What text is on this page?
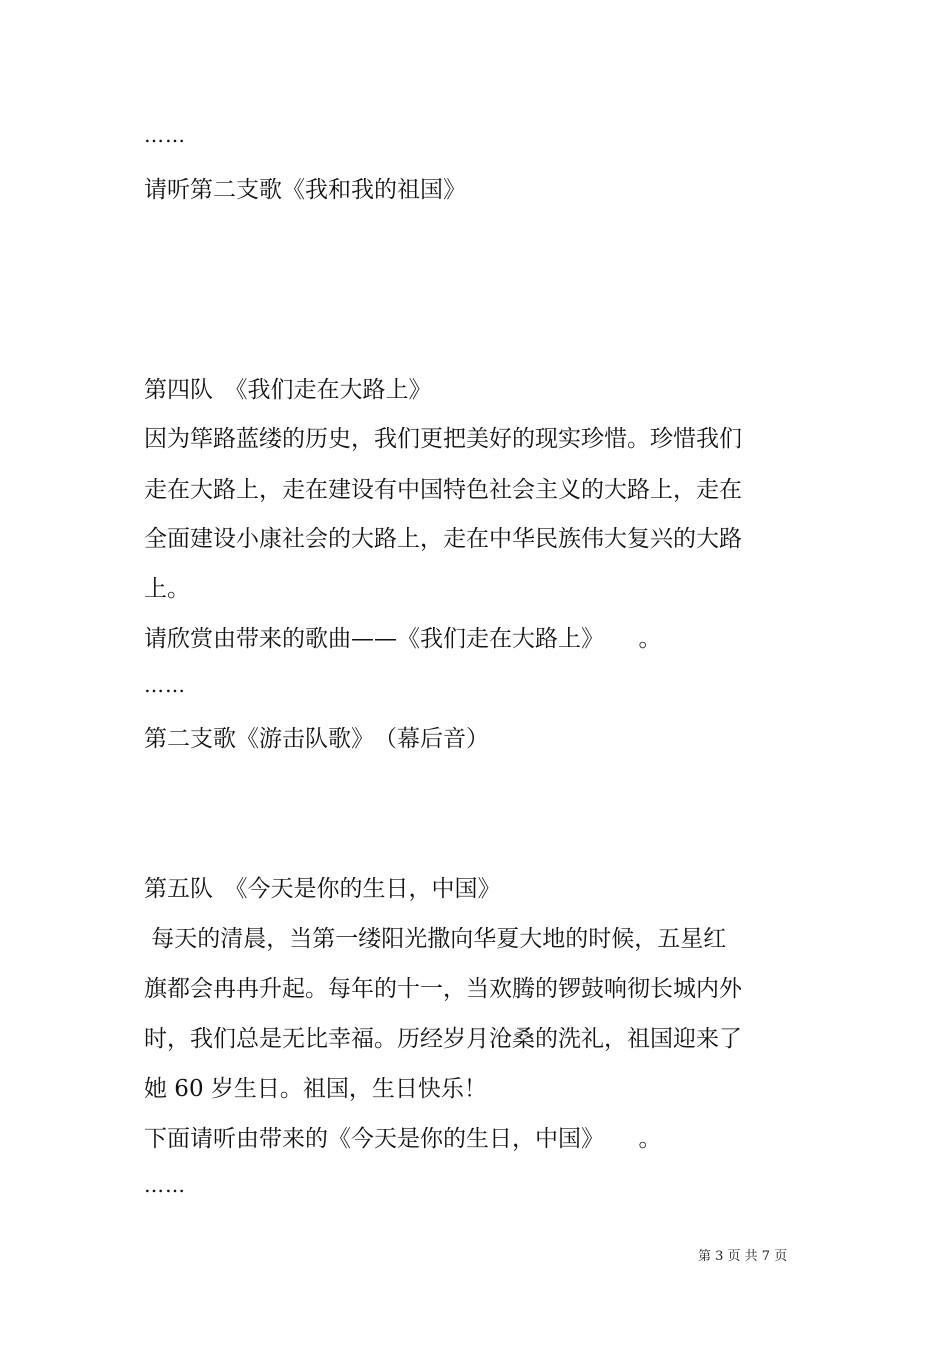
……

请听第二支歌《我和我的祖国》

第四队　《我们走在大路上》

因为筚路蓝缕的历史，我们更把美好的现实珍惜。珍惜我们

走在大路上，走在建设有中国特色社会主义的大路上，走在

全面建设小康社会的大路上，走在中华民族伟大复兴的大路

上。

请欣赏由带来的歌曲——《我们走在大路上》　　。

……

第二支歌《游击队歌》　（幕后音）

第五队　《今天是你的生日，中国》

每天的清晨，当第一缕阳光撒向华夏大地的时候，五星红

旗都会冉冉升起。每年的十一，当欢腾的锣鼓响彻长城内外

时，我们总是无比幸福。历经岁月沧桑的洗礼，祖国迎来了

她 60 岁生日。祖国，生日快乐！

下面请听由带来的《今天是你的生日，中国》　　。

……

第 3 页 共 7 页
